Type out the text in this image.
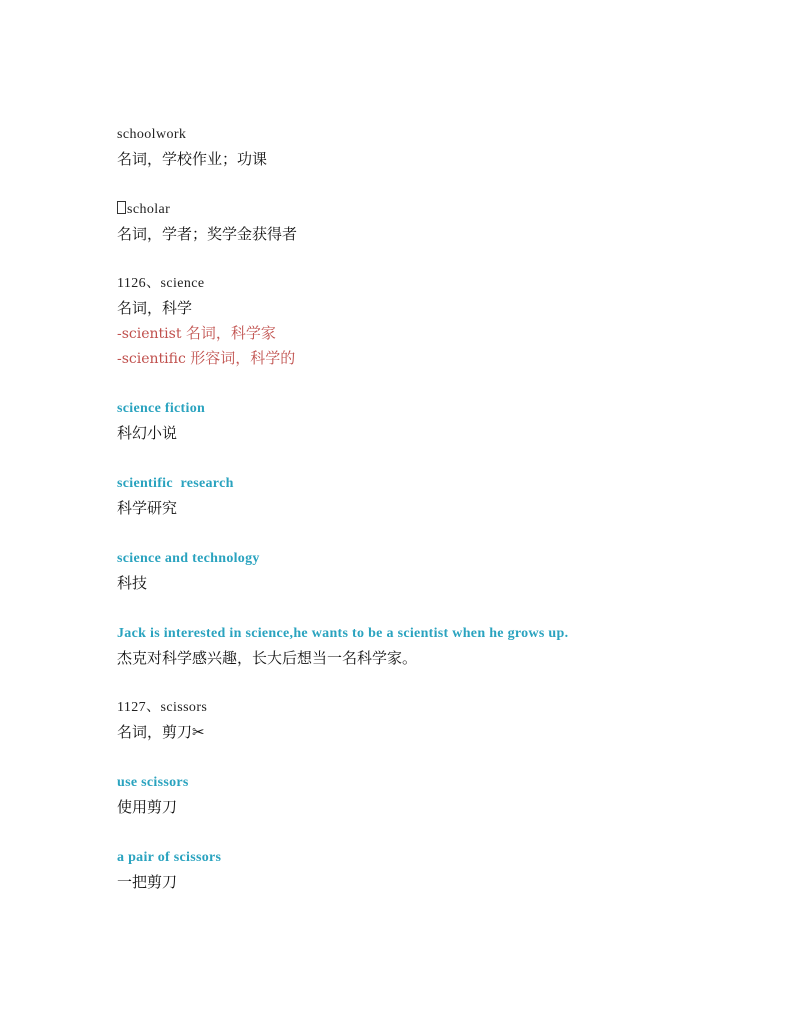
schoolwork
名词，学校作业；功课
scholar
名词，学者；奖学金获得者
1126、science
名词，科学
-scientist 名词，科学家
-scientific 形容词，科学的
science fiction
科幻小说
scientific  research
科学研究
science and technology
科技
Jack is interested in science,he wants to be a scientist when he grows up.
杰克对科学感兴趣，长大后想当一名科学家。
1127、scissors
名词，剪刀✂
use scissors
使用剪刀
a pair of scissors
一把剪刀
